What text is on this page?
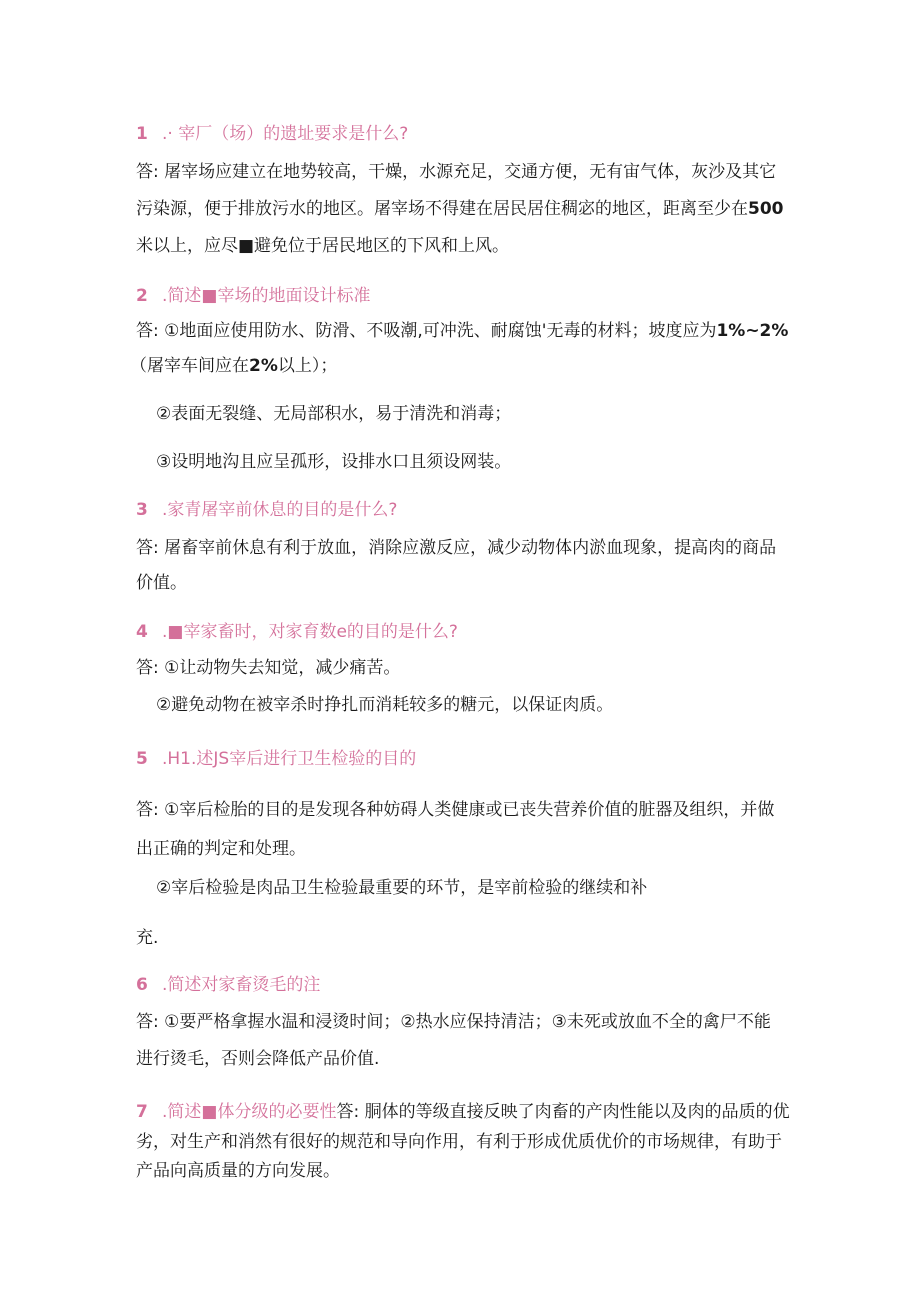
1 .· 宰厂（场）的遗址要求是什么?
答: 屠宰场应建立在地势较高，干燥，水源充足，交通方便，无有宙气体，灰沙及其它
污染源，便于排放污水的地区。屠宰场不得建在居民居住稠宓的地区，距离至少在500
米以上，应尽■避免位于居民地区的下风和上风。
2 .简述■宰场的地面设计标准
答: ①地面应使用防水、防滑、不吸潮,可冲洗、耐腐蚀'无毒的材料；坡度应为1%~2%
（屠宰车间应在2%以上）；
②表面无裂缝、无局部积水，易于清洗和消毒；
③设明地沟且应呈孤形，设排水口且须设网装。
3 .家青屠宰前休息的目的是什么?
答: 屠畜宰前休息有利于放血，消除应激反应，减少动物体内淤血现象，提高肉的商品
价值。
4 .■宰家畜时，对家育数e的目的是什么?
答: ①让动物失去知觉，减少痛苦。
②避免动物在被宰杀时挣扎而消耗较多的糖元，以保证肉质。
5 .H1.述JS宰后进行卫生检验的目的
答: ①宰后检胎的目的是发现各种妨碍人类健康或已丧失营养价值的脏器及组织，并做
出正确的判定和处理。
②宰后检验是肉品卫生检验最重要的环节，是宰前检验的继续和补
充.
6 .简述对家畜烫毛的注
答: ①要严格拿握水温和浸烫时间；②热水应保持清洁；③未死或放血不全的禽尸不能
进行烫毛，否则会降低产品价值.
7 .简述■体分级的必要性答: 胴体的等级直接反映了肉畜的产肉性能以及肉的品质的优
劣，对生产和消然有很好的规范和导向作用，有利于形成优质优价的市场规律，有助于
产品向高质量的方向发展。
